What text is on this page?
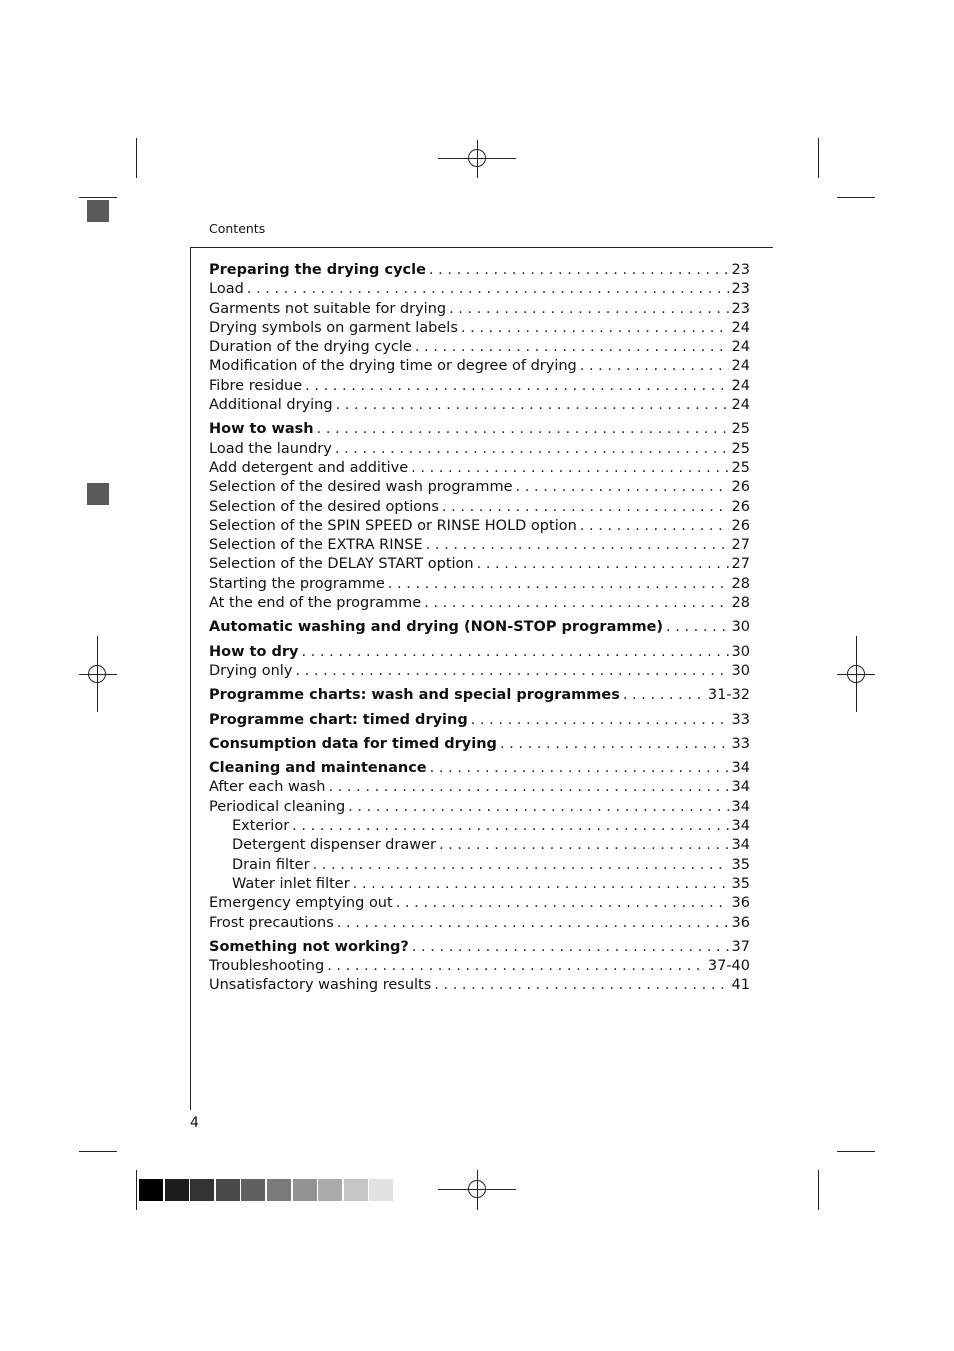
Contents
Preparing the drying cycle . . .	23
Load . . .	23
Garments not suitable for drying . . .	23
Drying symbols on garment labels . . .	24
Duration of the drying cycle . . .	24
Modification of the drying time or degree of drying . . .	24
Fibre residue . . .	24
Additional drying . . .	24
How to wash . . .	25
Load the laundry . . .	25
Add detergent and additive . . .	25
Selection of the desired wash programme . . .	26
Selection of the desired options . . .	26
Selection of the SPIN SPEED or RINSE HOLD option . . .	26
Selection of the EXTRA RINSE . . .	27
Selection of the DELAY START option . . .	27
Starting the programme . . .	28
At the end of the programme . . .	28
Automatic washing and drying (NON-STOP programme) . . .	30
How to dry . . .	30
Drying only . . .	30
Programme charts: wash and special programmes . . .	31-32
Programme chart: timed drying . . .	33
Consumption data for timed drying . . .	33
Cleaning and maintenance . . .	34
After each wash . . .	34
Periodical cleaning . . .	34
Exterior . . .	34
Detergent dispenser drawer . . .	34
Drain filter . . .	35
Water inlet filter . . .	35
Emergency emptying out . . .	36
Frost precautions . . .	36
Something not working? . . .	37
Troubleshooting . . .	37-40
Unsatisfactory washing results . . .	41
4
